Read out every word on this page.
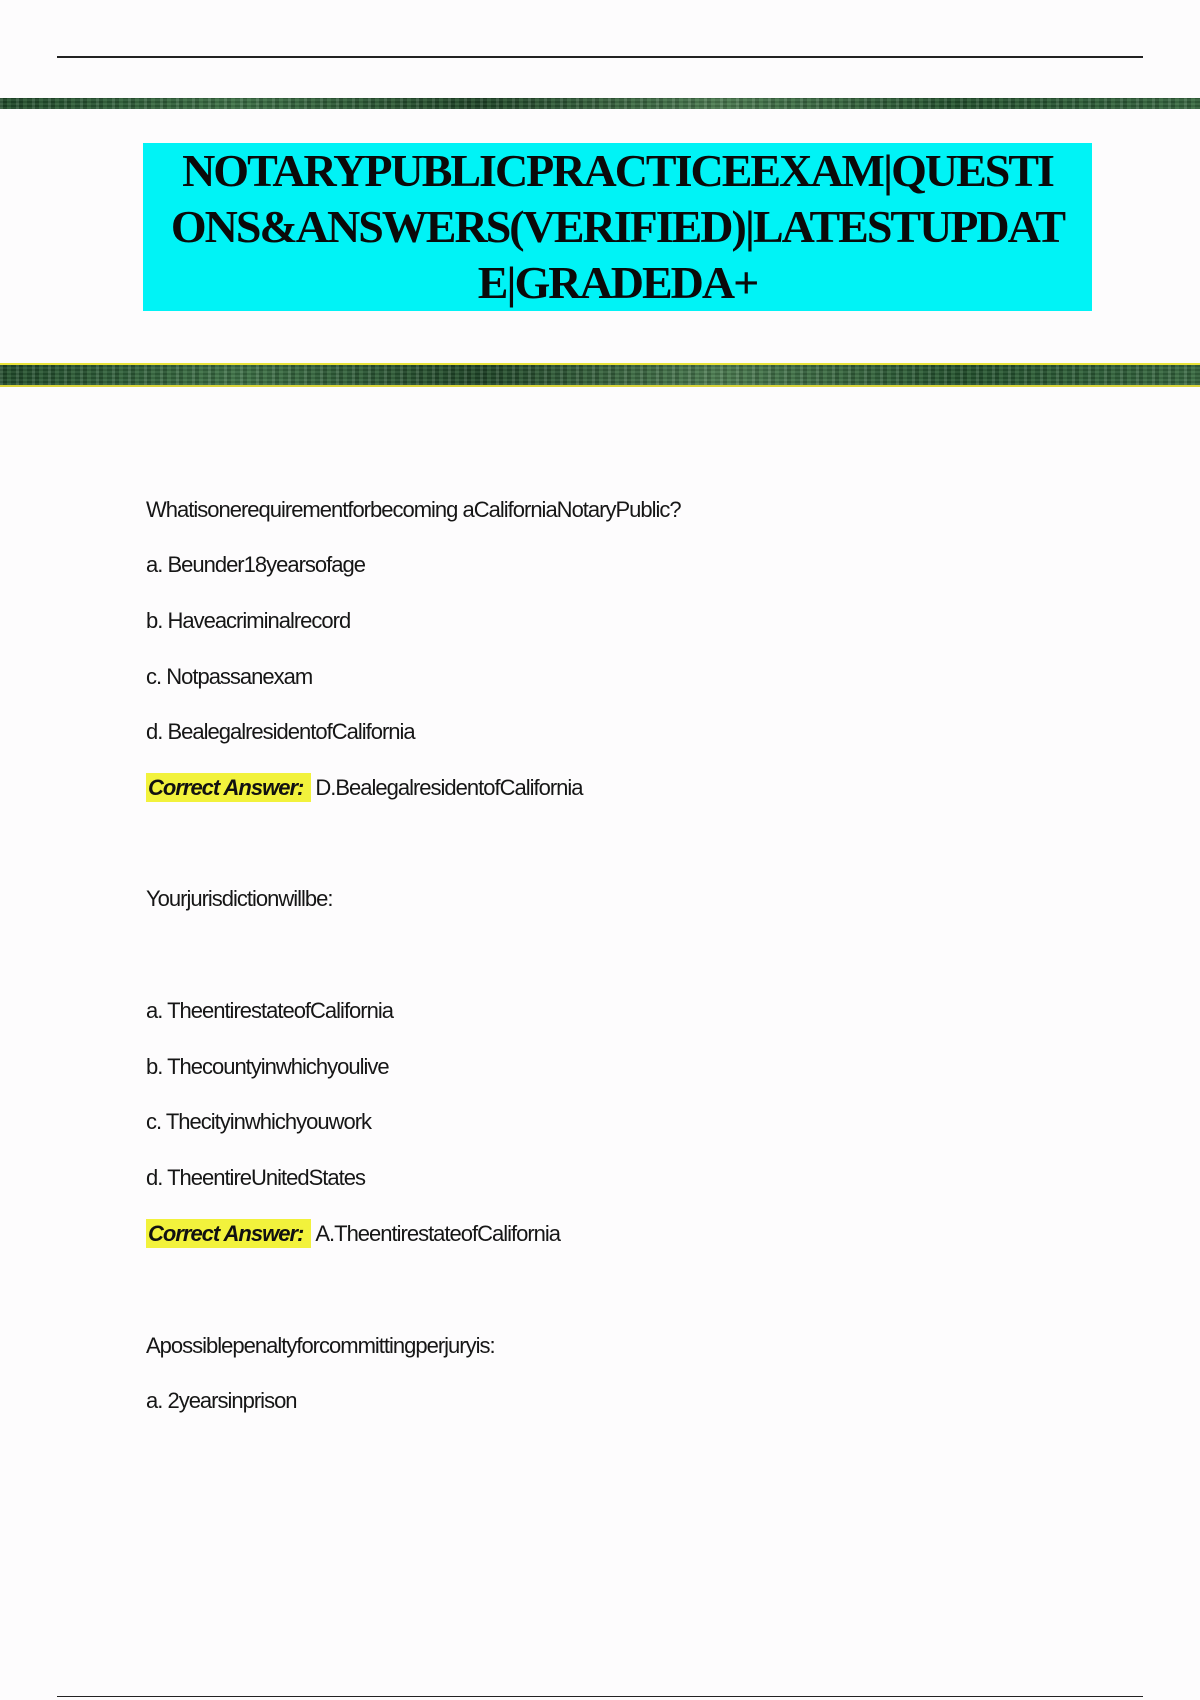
NOTARYPUBLICPRACTICEEXAM|QUESTIONS&ANSWERS(VERIFIED)|LATESTUPDATE|GRADEDA+
Whatisonerequirementforbecoming aCaliforniaNotaryPublic?
a. Beunder18yearsofage
b. Haveacriminalrecord
c. Notpassanexam
d. BealegalresidentofCalifornia
Correct Answer: D.BealegalresidentofCalifornia
Yourjurisdictionwillbe:
a. TheentirestateofCalifornia
b. Thecountyinwhichyoulive
c. Thecityinwhichyouwork
d. TheentireUnitedStates
Correct Answer: A.TheentirestateofCalifornia
Apossiblepenaltyforcommittingperjuryis:
a. 2yearsinprison
